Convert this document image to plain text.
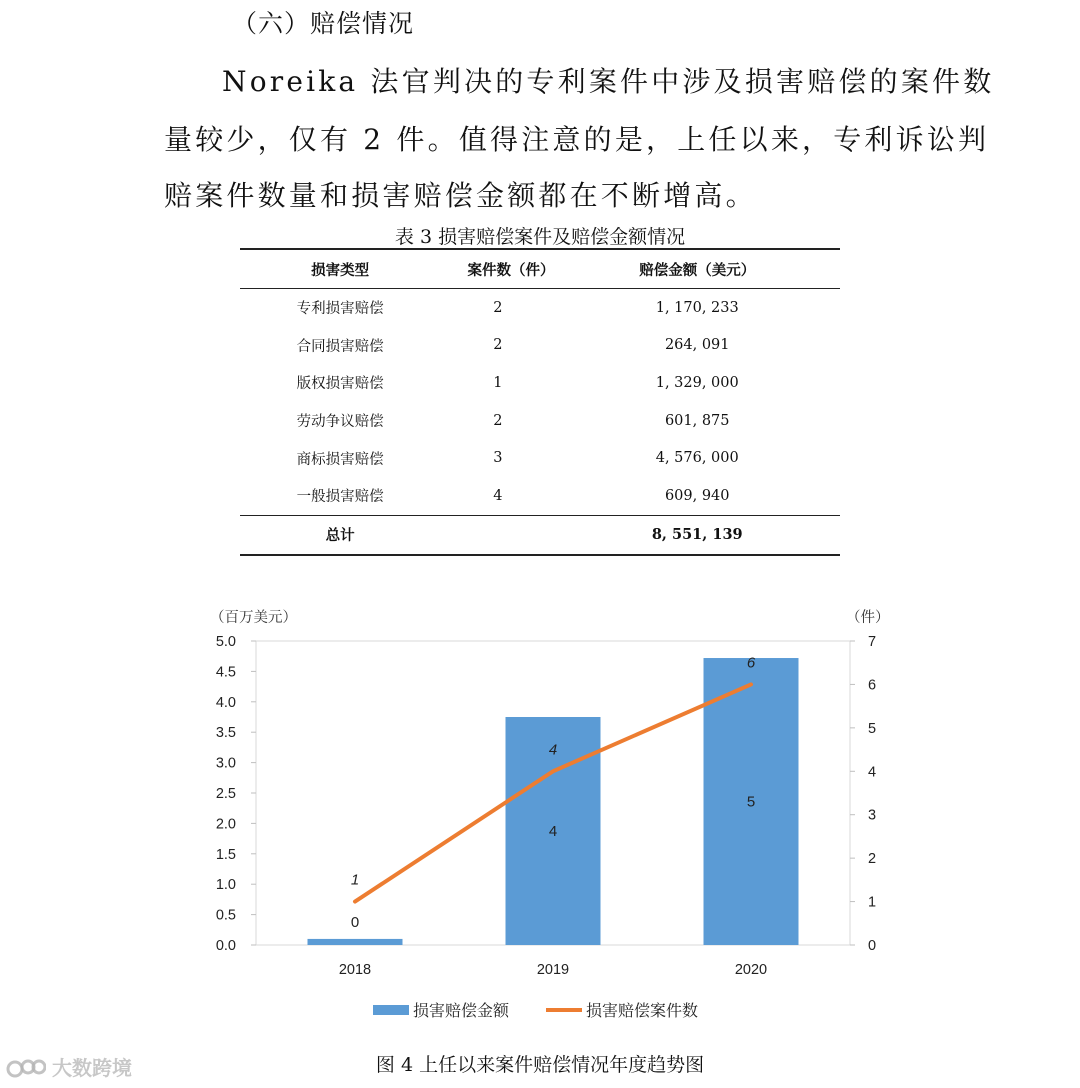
（六）赔偿情况
Noreika 法官判决的专利案件中涉及损害赔偿的案件数
量较少，仅有 2 件。值得注意的是，上任以来，专利诉讼判
赔案件数量和损害赔偿金额都在不断增高。
表 3 损害赔偿案件及赔偿金额情况
损害类型	案件数（件）	赔偿金额（美元）
专利损害赔偿	2	1, 170, 233
合同损害赔偿	2	264, 091
版权损害赔偿	1	1, 329, 000
劳动争议赔偿	2	601, 875
商标损害赔偿	3	4, 576, 000
一般损害赔偿	4	609, 940
总计		8, 551, 139
（百万美元）	（件）
0.0
0.5
1.0
1.5
2.0
2.5
3.0
3.5
4.0
4.5
5.0
0
1
2
3
4
5
6
7
0
4
5
1
4
6
2018	2019	2020
损害赔偿金额	损害赔偿案件数
图 4 上任以来案件赔偿情况年度趋势图
大数跨境
